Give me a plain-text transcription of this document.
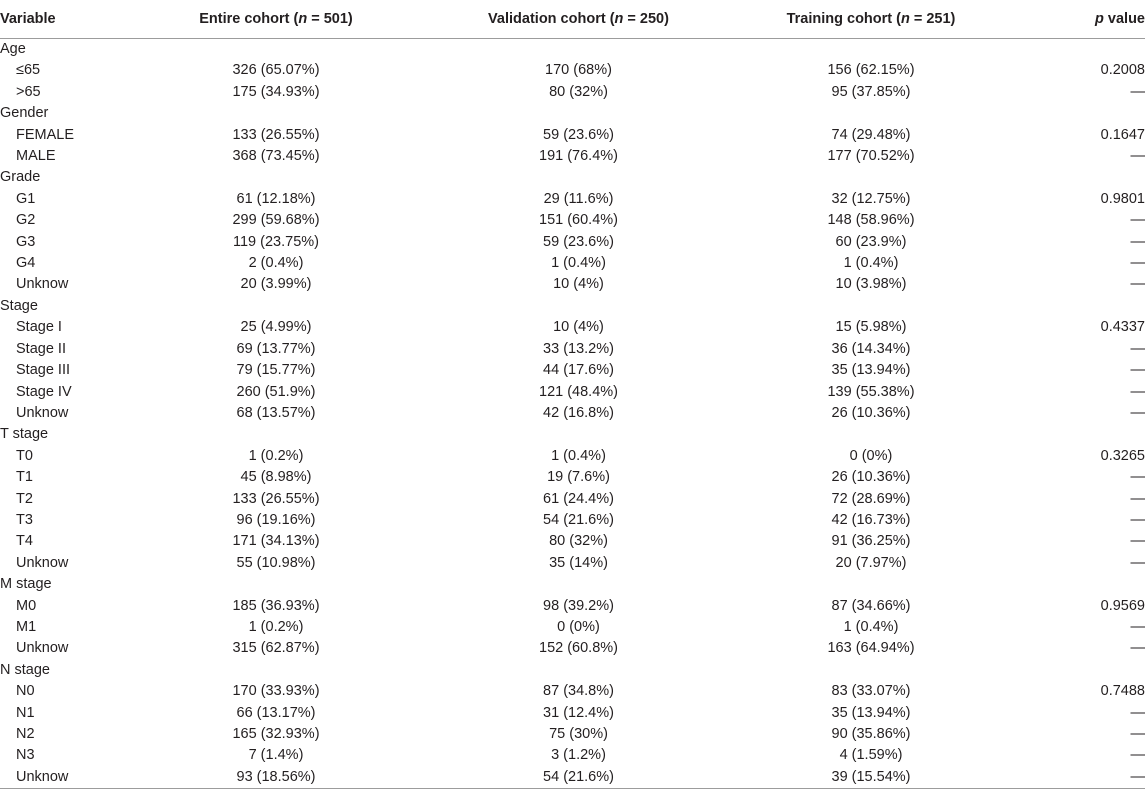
Variable	Entire cohort (n = 501)	Validation cohort (n = 250)	Training cohort (n = 251)	p value
Age				
≤65	326 (65.07%)	170 (68%)	156 (62.15%)	0.2008
>65	175 (34.93%)	80 (32%)	95 (37.85%)	—
Gender				
FEMALE	133 (26.55%)	59 (23.6%)	74 (29.48%)	0.1647
MALE	368 (73.45%)	191 (76.4%)	177 (70.52%)	—
Grade				
G1	61 (12.18%)	29 (11.6%)	32 (12.75%)	0.9801
G2	299 (59.68%)	151 (60.4%)	148 (58.96%)	—
G3	119 (23.75%)	59 (23.6%)	60 (23.9%)	—
G4	2 (0.4%)	1 (0.4%)	1 (0.4%)	—
Unknow	20 (3.99%)	10 (4%)	10 (3.98%)	—
Stage				
Stage I	25 (4.99%)	10 (4%)	15 (5.98%)	0.4337
Stage II	69 (13.77%)	33 (13.2%)	36 (14.34%)	—
Stage III	79 (15.77%)	44 (17.6%)	35 (13.94%)	—
Stage IV	260 (51.9%)	121 (48.4%)	139 (55.38%)	—
Unknow	68 (13.57%)	42 (16.8%)	26 (10.36%)	—
T stage				
T0	1 (0.2%)	1 (0.4%)	0 (0%)	0.3265
T1	45 (8.98%)	19 (7.6%)	26 (10.36%)	—
T2	133 (26.55%)	61 (24.4%)	72 (28.69%)	—
T3	96 (19.16%)	54 (21.6%)	42 (16.73%)	—
T4	171 (34.13%)	80 (32%)	91 (36.25%)	—
Unknow	55 (10.98%)	35 (14%)	20 (7.97%)	—
M stage				
M0	185 (36.93%)	98 (39.2%)	87 (34.66%)	0.9569
M1	1 (0.2%)	0 (0%)	1 (0.4%)	—
Unknow	315 (62.87%)	152 (60.8%)	163 (64.94%)	—
N stage				
N0	170 (33.93%)	87 (34.8%)	83 (33.07%)	0.7488
N1	66 (13.17%)	31 (12.4%)	35 (13.94%)	—
N2	165 (32.93%)	75 (30%)	90 (35.86%)	—
N3	7 (1.4%)	3 (1.2%)	4 (1.59%)	—
Unknow	93 (18.56%)	54 (21.6%)	39 (15.54%)	—
